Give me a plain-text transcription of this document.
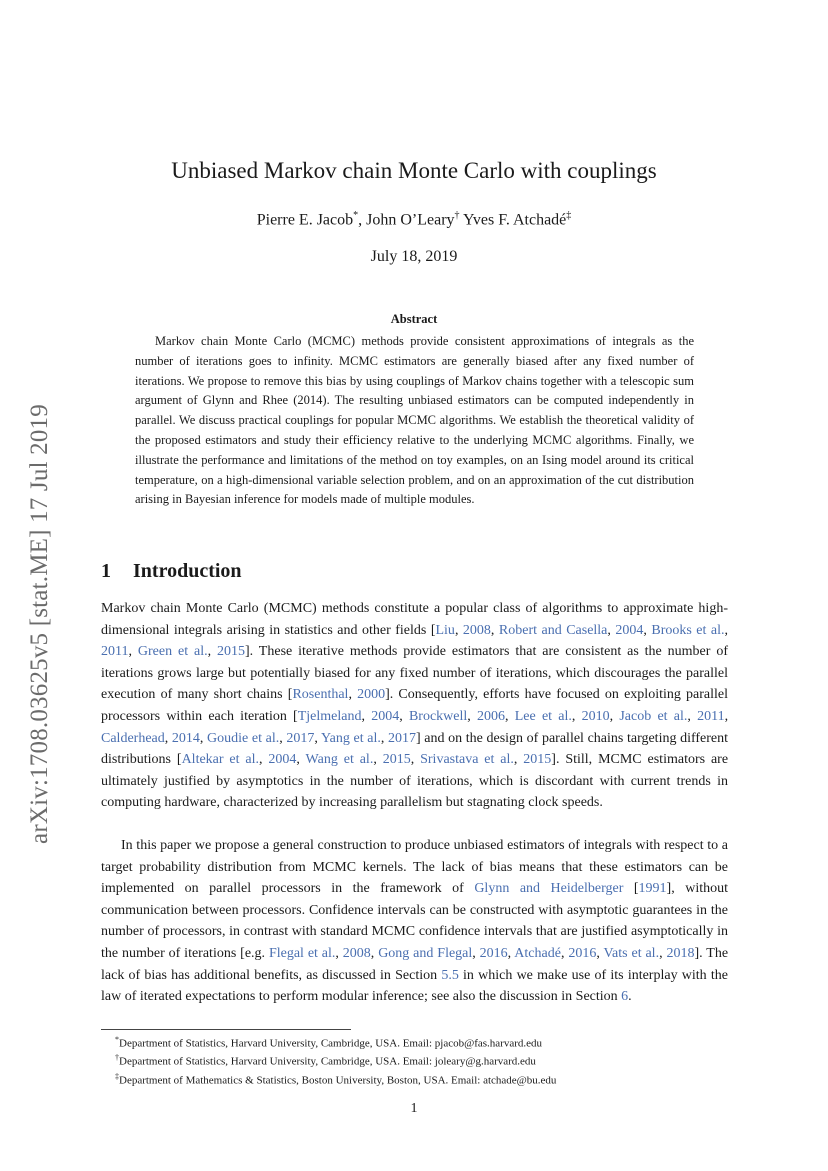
arXiv:1708.03625v5 [stat.ME] 17 Jul 2019
Unbiased Markov chain Monte Carlo with couplings
Pierre E. Jacob*, John O’Leary† Yves F. Atchadé‡
July 18, 2019
Abstract

Markov chain Monte Carlo (MCMC) methods provide consistent approximations of integrals as the number of iterations goes to infinity. MCMC estimators are generally biased after any fixed number of iterations. We propose to remove this bias by using couplings of Markov chains together with a telescopic sum argument of Glynn and Rhee (2014). The resulting unbiased estimators can be computed independently in parallel. We discuss practical couplings for popular MCMC algorithms. We establish the theoretical validity of the proposed estimators and study their efficiency relative to the underlying MCMC algorithms. Finally, we illustrate the performance and limitations of the method on toy examples, on an Ising model around its critical temperature, on a high-dimensional variable selection problem, and on an approximation of the cut distribution arising in Bayesian inference for models made of multiple modules.

1 Introduction

Markov chain Monte Carlo (MCMC) methods constitute a popular class of algorithms to approximate high-dimensional integrals arising in statistics and other fields [Liu, 2008, Robert and Casella, 2004, Brooks et al., 2011, Green et al., 2015]. These iterative methods provide estimators that are consistent as the number of iterations grows large but potentially biased for any fixed number of iterations, which discourages the parallel execution of many short chains [Rosenthal, 2000]. Consequently, efforts have focused on exploiting parallel processors within each iteration [Tjelmeland, 2004, Brockwell, 2006, Lee et al., 2010, Jacob et al., 2011, Calderhead, 2014, Goudie et al., 2017, Yang et al., 2017] and on the design of parallel chains targeting different distributions [Altekar et al., 2004, Wang et al., 2015, Srivastava et al., 2015]. Still, MCMC estimators are ultimately justified by asymptotics in the number of iterations, which is discordant with current trends in computing hardware, characterized by increasing parallelism but stagnating clock speeds.

In this paper we propose a general construction to produce unbiased estimators of integrals with respect to a target probability distribution from MCMC kernels. The lack of bias means that these estimators can be implemented on parallel processors in the framework of Glynn and Heidelberger [1991], without communication between processors. Confidence intervals can be constructed with asymptotic guarantees in the number of processors, in contrast with standard MCMC confidence intervals that are justified asymptotically in the number of iterations [e.g. Flegal et al., 2008, Gong and Flegal, 2016, Atchadé, 2016, Vats et al., 2018]. The lack of bias has additional benefits, as discussed in Section 5.5 in which we make use of its interplay with the law of iterated expectations to perform modular inference; see also the discussion in Section 6.

*Department of Statistics, Harvard University, Cambridge, USA. Email: pjacob@fas.harvard.edu
†Department of Statistics, Harvard University, Cambridge, USA. Email: joleary@g.harvard.edu
‡Department of Mathematics & Statistics, Boston University, Boston, USA. Email: atchade@bu.edu
1
